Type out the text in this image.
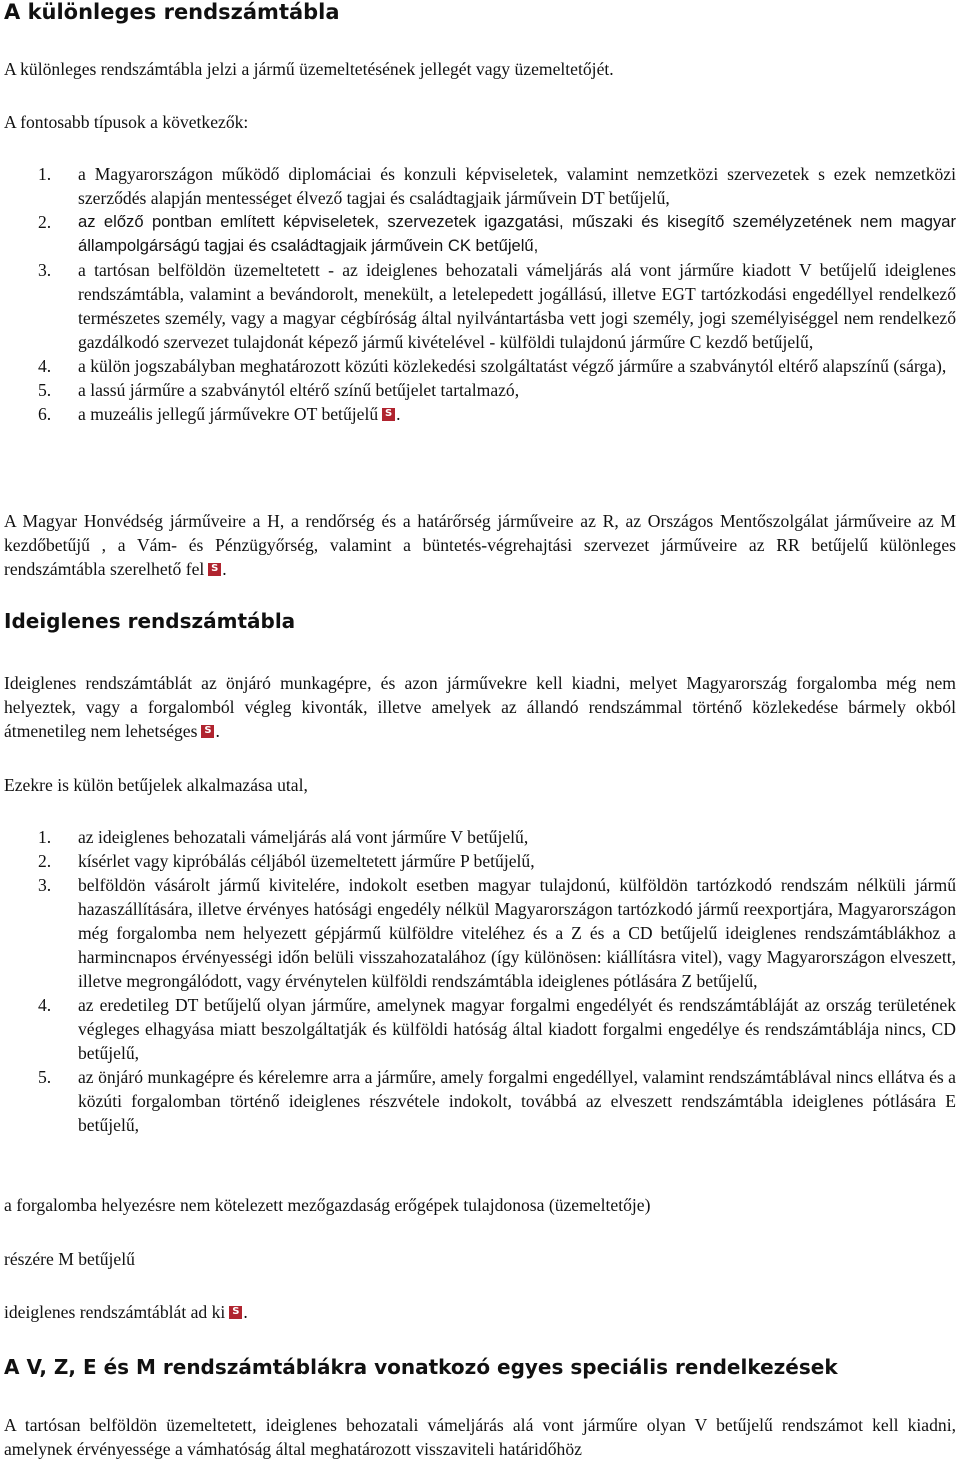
A különleges rendszámtábla
A különleges rendszámtábla jelzi a jármű üzemeltetésének jellegét vagy üzemeltetőjét.
A fontosabb típusok a következők:
1. a Magyarországon működő diplomáciai és konzuli képviseletek, valamint nemzetközi szervezetek s ezek nemzetközi szerződés alapján mentességet élvező tagjai és családtagjaik járművein DT betűjelű,
2. az előző pontban említett képviseletek, szervezetek igazgatási, műszaki és kisegítő személyzetének nem magyar állampolgárságú tagjai és családtagjaik járművein CK betűjelű,
3. a tartósan belföldön üzemeltetett - az ideiglenes behozatali vámeljárás alá vont járműre kiadott V betűjelű ideiglenes rendszámtábla, valamint a bevándorolt, menekült, a letelepedett jogállású, illetve EGT tartózkodási engedéllyel rendelkező természetes személy, vagy a magyar cégbíróság által nyilvántartásba vett jogi személy, jogi személyiséggel nem rendelkező gazdálkodó szervezet tulajdonát képező jármű kivételével - külföldi tulajdonú járműre C kezdő betűjelű,
4. a külön jogszabályban meghatározott közúti közlekedési szolgáltatást végző járműre a szabványtól eltérő alapszínű (sárga),
5. a lassú járműre a szabványtól eltérő színű betűjelet tartalmazó,
6. a muzeális jellegű járművekre OT betűjelű S .
A Magyar Honvédség járműveire a H, a rendőrség és a határőrség járműveire az R, az Országos Mentőszolgálat járműveire az M kezdőbetűjű , a Vám- és Pénzügyőrség, valamint a büntetés-végrehajtási szervezet járműveire az RR betűjelű különleges rendszámtábla szerelhető fel S .
Ideiglenes rendszámtábla
Ideiglenes rendszámtáblát az önjáró munkagépre, és azon járművekre kell kiadni, melyet Magyarország forgalomba még nem helyeztek, vagy a forgalomból végleg kivonták, illetve amelyek az állandó rendszámmal történő közlekedése bármely okból átmenetileg nem lehetséges S .
Ezekre is külön betűjelek alkalmazása utal,
1. az ideiglenes behozatali vámeljárás alá vont járműre V betűjelű,
2. kísérlet vagy kipróbálás céljából üzemeltetett járműre P betűjelű,
3. belföldön vásárolt jármű kivitelére, indokolt esetben magyar tulajdonú, külföldön tartózkodó rendszám nélküli jármű hazaszállítására, illetve érvényes hatósági engedély nélkül Magyarországon tartózkodó jármű reexportjára, Magyarországon még forgalomba nem helyezett gépjármű külföldre viteléhez és a Z és a CD betűjelű ideiglenes rendszámtáblákhoz a harmincnapos érvényességi időn belüli visszahozatalához (így különösen: kiállításra vitel), vagy Magyarországon elveszett, illetve megrongálódott, vagy érvénytelen külföldi rendszámtábla ideiglenes pótlására Z betűjelű,
4. az eredetileg DT betűjelű olyan járműre, amelynek magyar forgalmi engedélyét és rendszámtábláját az ország területének végleges elhagyása miatt beszolgáltatják és külföldi hatóság által kiadott forgalmi engedélye és rendszámtáblája nincs, CD betűjelű,
5. az önjáró munkagépre és kérelemre arra a járműre, amely forgalmi engedéllyel, valamint rendszámtáblával nincs ellátva és a közúti forgalomban történő ideiglenes részvétele indokolt, továbbá az elveszett rendszámtábla ideiglenes pótlására E betűjelű,
a forgalomba helyezésre nem kötelezett mezőgazdaság erőgépek tulajdonosa (üzemeltetője)
részére M betűjelű
ideiglenes rendszámtáblát ad ki S .
A V, Z, E és M rendszámtáblákra vonatkozó egyes speciális rendelkezések
A tartósan belföldön üzemeltetett, ideiglenes behozatali vámeljárás alá vont járműre olyan V betűjelű rendszámot kell kiadni, amelynek érvényessége a vámhatóság által meghatározott visszaviteli határidőhöz
